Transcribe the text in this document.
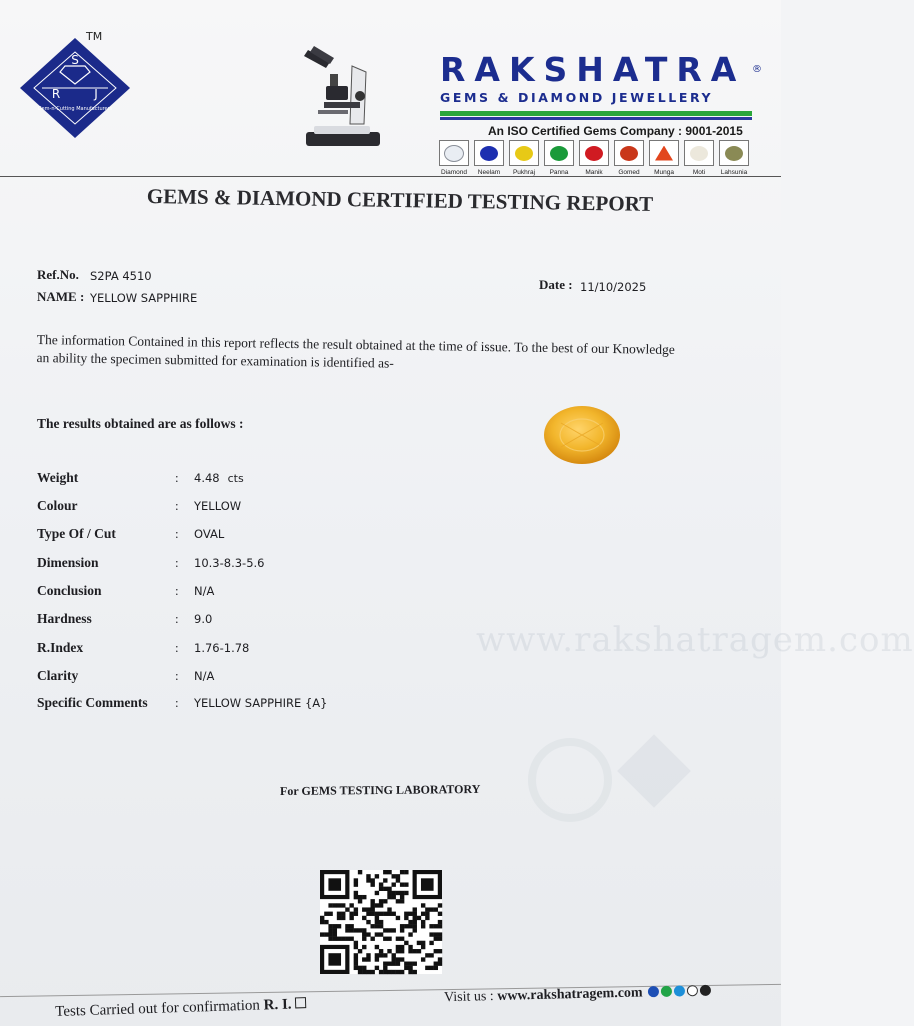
www.rakshatragem.com
S
R	J
Gem-n-Cutting Manufacturers
TM
RAKSHATRA ®
GEMS & DIAMOND JEWELLERY
An ISO Certified Gems Company : 9001-2015
Diamond	Neelam	Pukhraj	Panna	Manik	Gomed	Munga	Moti	Lahsunia
GEMS & DIAMOND CERTIFIED TESTING REPORT
Ref.No. S2PA 4510
NAME : YELLOW SAPPHIRE
Date : 11/10/2025
The information Contained in this report reflects the result obtained at the time of issue. To the best of our Knowledge an ability the specimen submitted for examination is identified as-
The results obtained are as follows :
Weight	: 4.48 cts
Colour	: YELLOW
Type Of / Cut	: OVAL
Dimension	: 10.3-8.3-5.6
Conclusion	: N/A
Hardness	: 9.0
R.Index	: 1.76-1.78
Clarity	: N/A
Specific Comments : YELLOW SAPPHIRE {A}
For GEMS TESTING LABORATORY
Visit us : www.rakshatragem.com
Tests Carried out for confirmation R. I.
